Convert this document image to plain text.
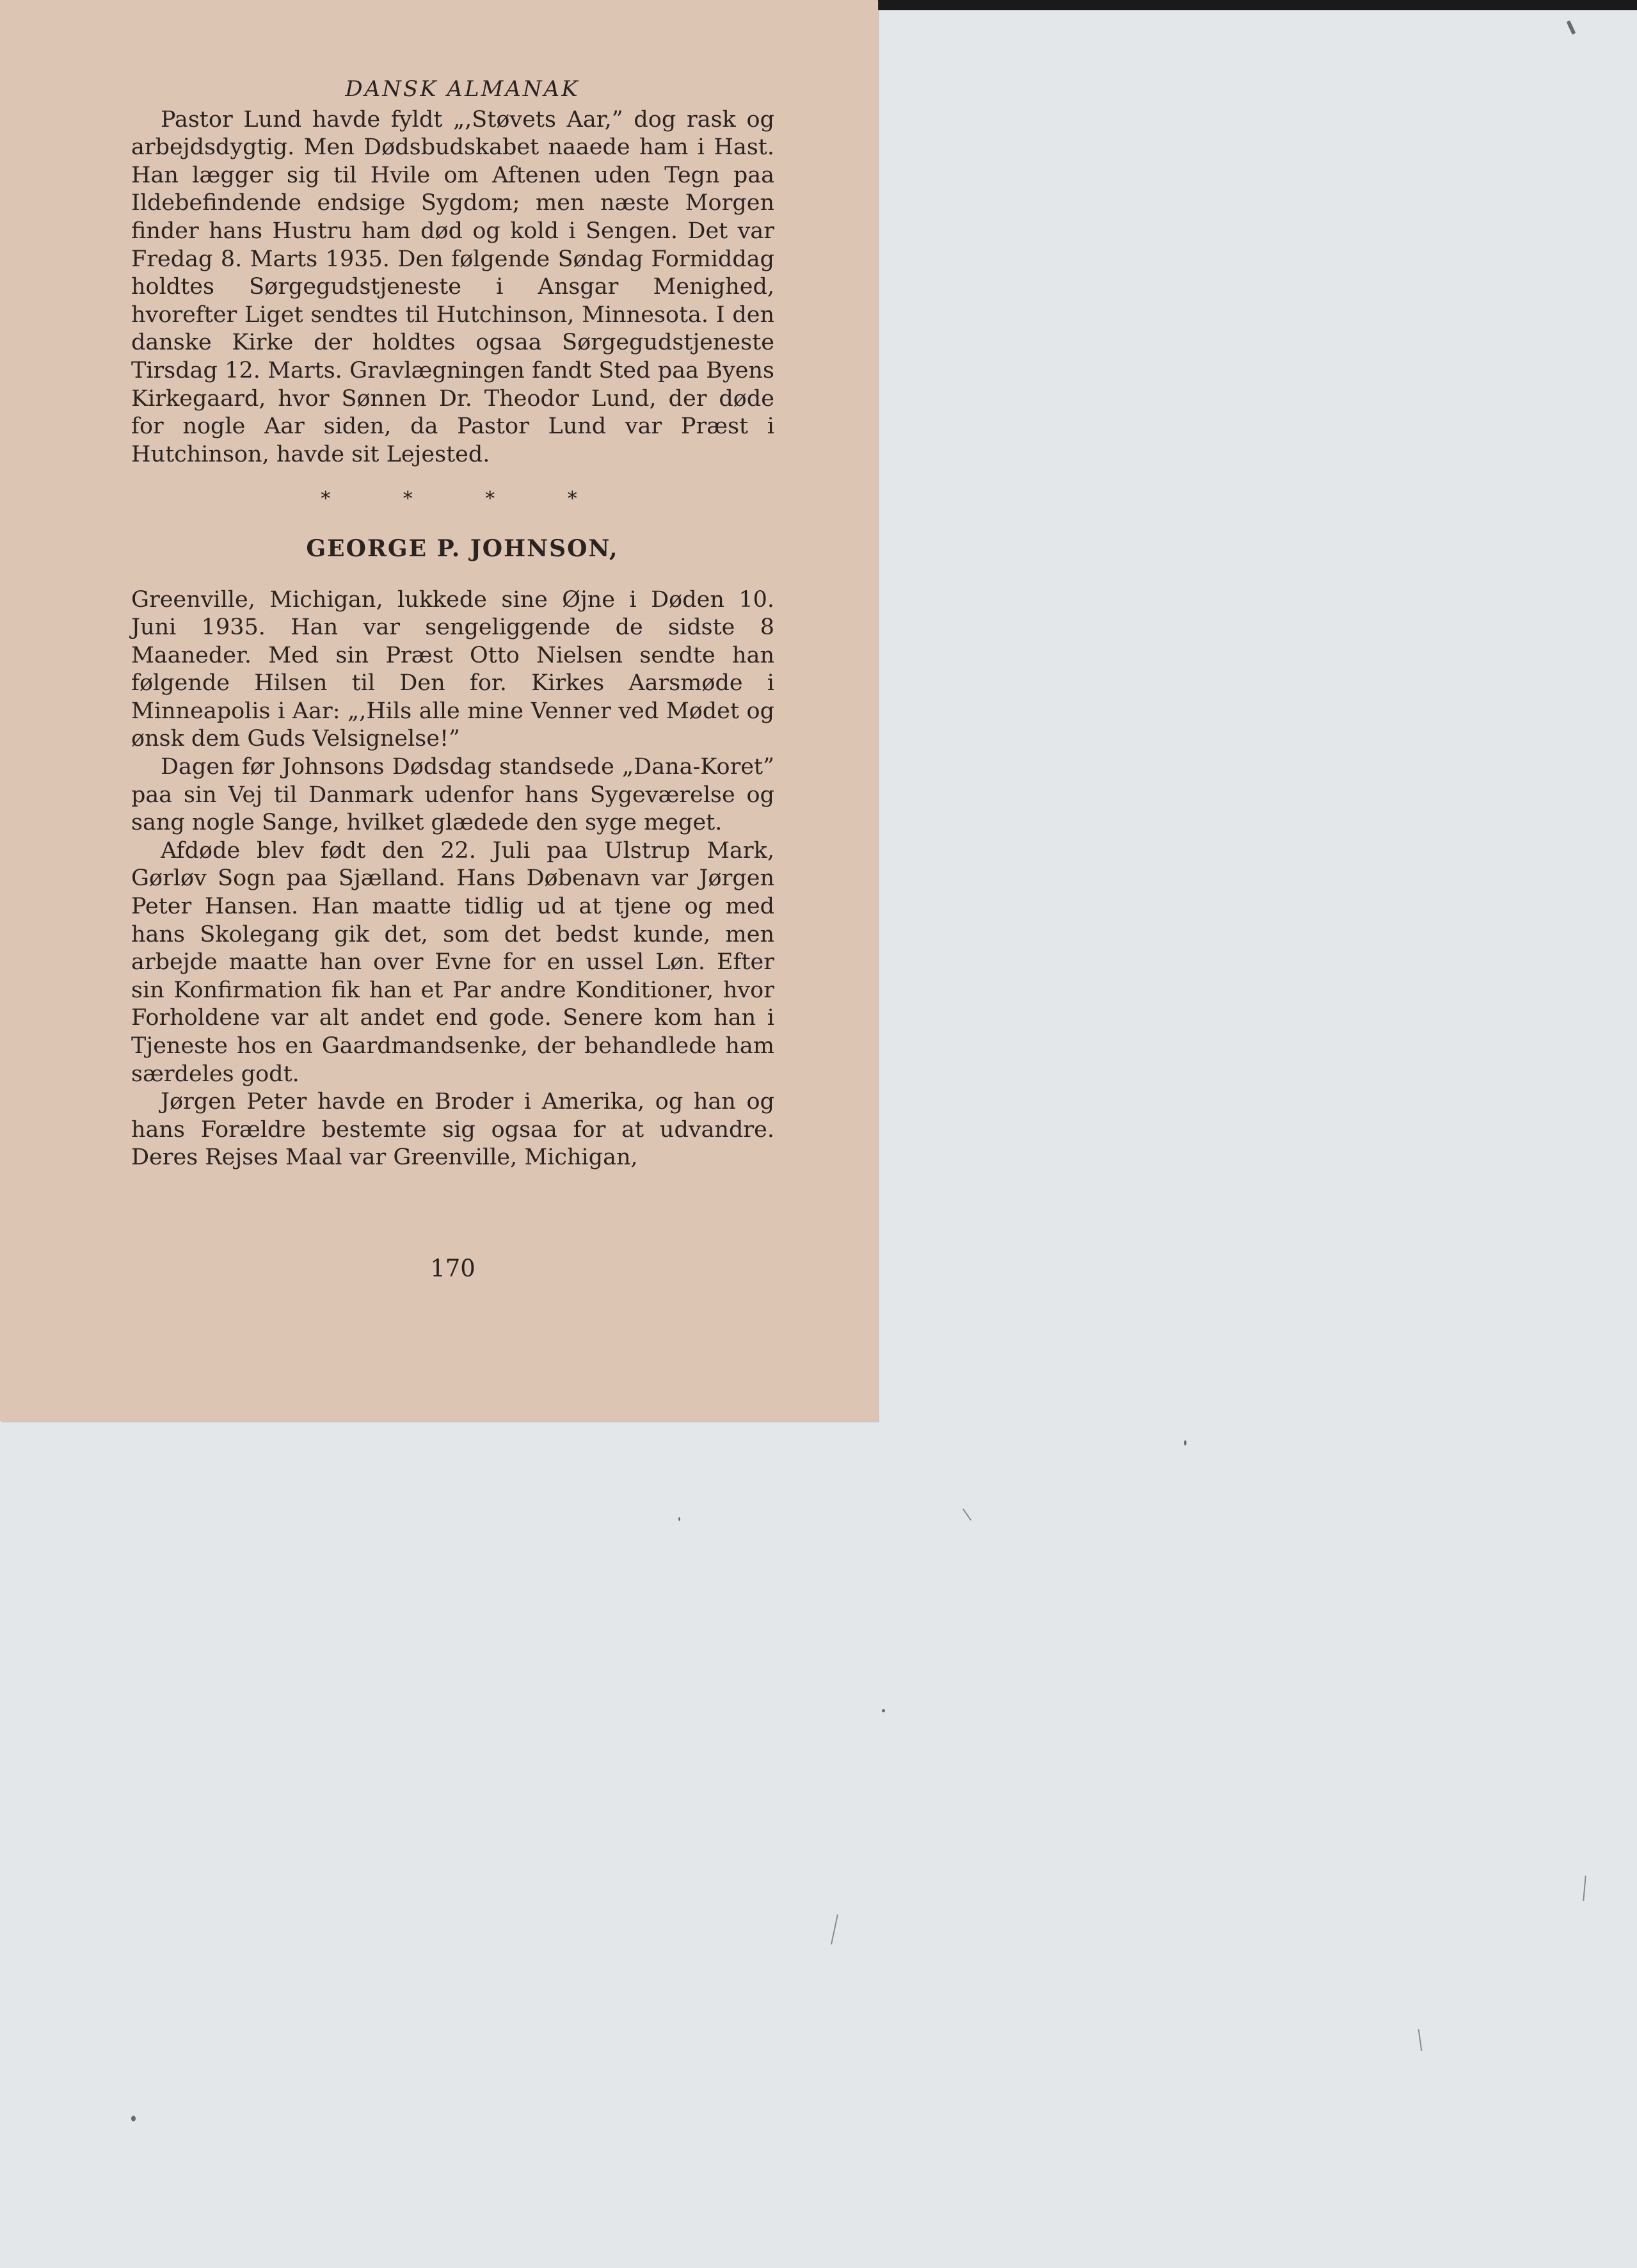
DANSK ALMANAK

Pastor Lund havde fyldt „,Støvets Aar,” dog rask og arbejdsdygtig. Men Dødsbudskabet naaede ham i Hast. Han lægger sig til Hvile om Aftenen uden Tegn paa Ildebefindende endsige Sygdom; men næste Morgen finder hans Hustru ham død og kold i Sengen. Det var Fredag 8. Marts 1935. Den følgende Søndag Formiddag holdtes Sørgegudstjeneste i Ansgar Menighed, hvorefter Liget sendtes til Hutchinson, Minnesota. I den danske Kirke der holdtes ogsaa Sørgegudstjeneste Tirsdag 12. Marts. Gravlægningen fandt Sted paa Byens Kirkegaard, hvor Sønnen Dr. Theodor Lund, der døde for nogle Aar siden, da Pastor Lund var Præst i Hutchinson, havde sit Lejested.

* * * *
GEORGE P. JOHNSON,

Greenville, Michigan, lukkede sine Øjne i Døden 10. Juni 1935. Han var sengeliggende de sidste 8 Maaneder. Med sin Præst Otto Nielsen sendte han følgende Hilsen til Den for. Kirkes Aarsmøde i Minneapolis i Aar: „,Hils alle mine Venner ved Mødet og ønsk dem Guds Velsignelse!”

Dagen før Johnsons Dødsdag standsede „Dana-Koret” paa sin Vej til Danmark udenfor hans Sygeværelse og sang nogle Sange, hvilket glædede den syge meget.

Afdøde blev født den 22. Juli paa Ulstrup Mark, Gørløv Sogn paa Sjælland. Hans Døbenavn var Jørgen Peter Hansen. Han maatte tidlig ud at tjene og med hans Skolegang gik det, som det bedst kunde, men arbejde maatte han over Evne for en ussel Løn. Efter sin Konfirmation fik han et Par andre Konditioner, hvor Forholdene var alt andet end gode. Senere kom han i Tjeneste hos en Gaardmandsenke, der behandlede ham særdeles godt.

Jørgen Peter havde en Broder i Amerika, og han og hans Forældre bestemte sig ogsaa for at udvandre. Deres Rejses Maal var Greenville, Michigan,

170
